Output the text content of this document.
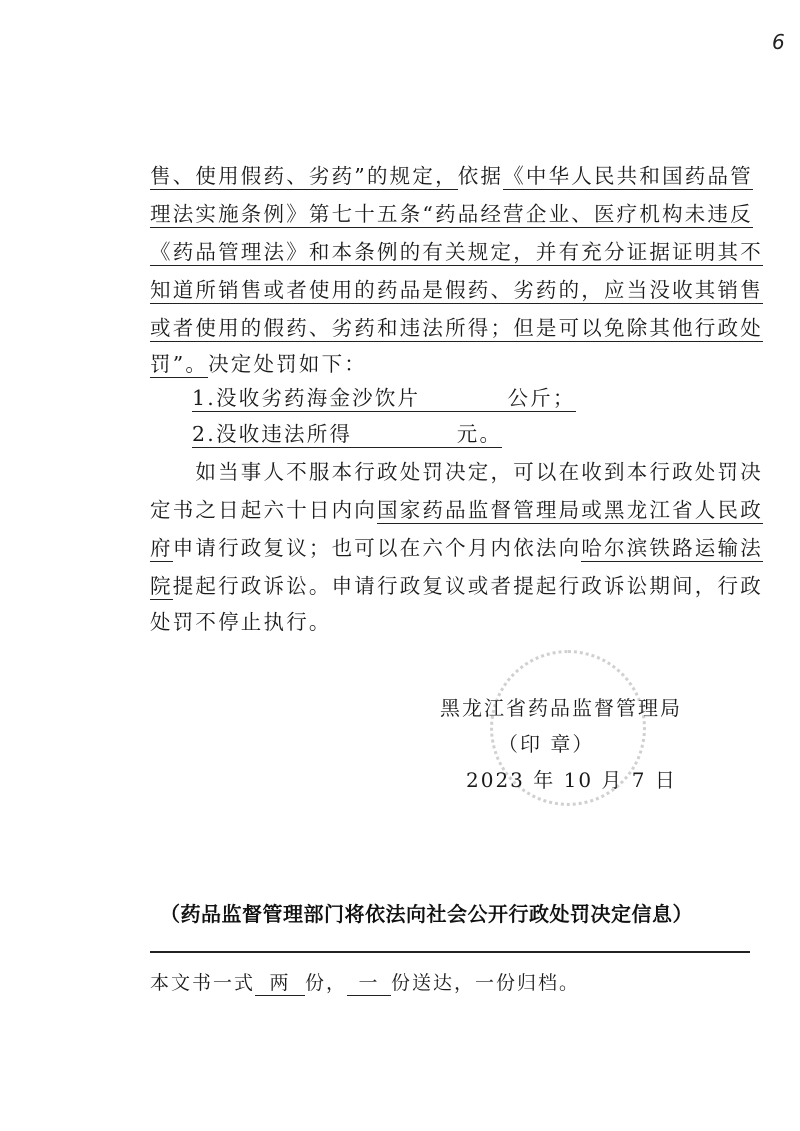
6
售、使用假药、劣药”的规定，依据《中华人民共和国药品管
理法实施条例》第七十五条“药品经营企业、医疗机构未违反
《药品管理法》和本条例的有关规定，并有充分证据证明其不
知道所销售或者使用的药品是假药、劣药的，应当没收其销售
或者使用的假药、劣药和违法所得；但是可以免除其他行政处
罚”。决定处罚如下：
1.没收劣药海金沙饮片	公斤；
2.没收违法所得	元。
　　如当事人不服本行政处罚决定，可以在收到本行政处罚决
定书之日起六十日内向国家药品监督管理局或黑龙江省人民政
府申请行政复议；也可以在六个月内依法向哈尔滨铁路运输法
院提起行政诉讼。申请行政复议或者提起行政诉讼期间，行政
处罚不停止执行。
黑龙江省药品监督管理局
（印 章）
2023 年 10 月 7 日
（药品监督管理部门将依法向社会公开行政处罚决定信息）
本文书一式 两 份， 一 份送达，一份归档。
